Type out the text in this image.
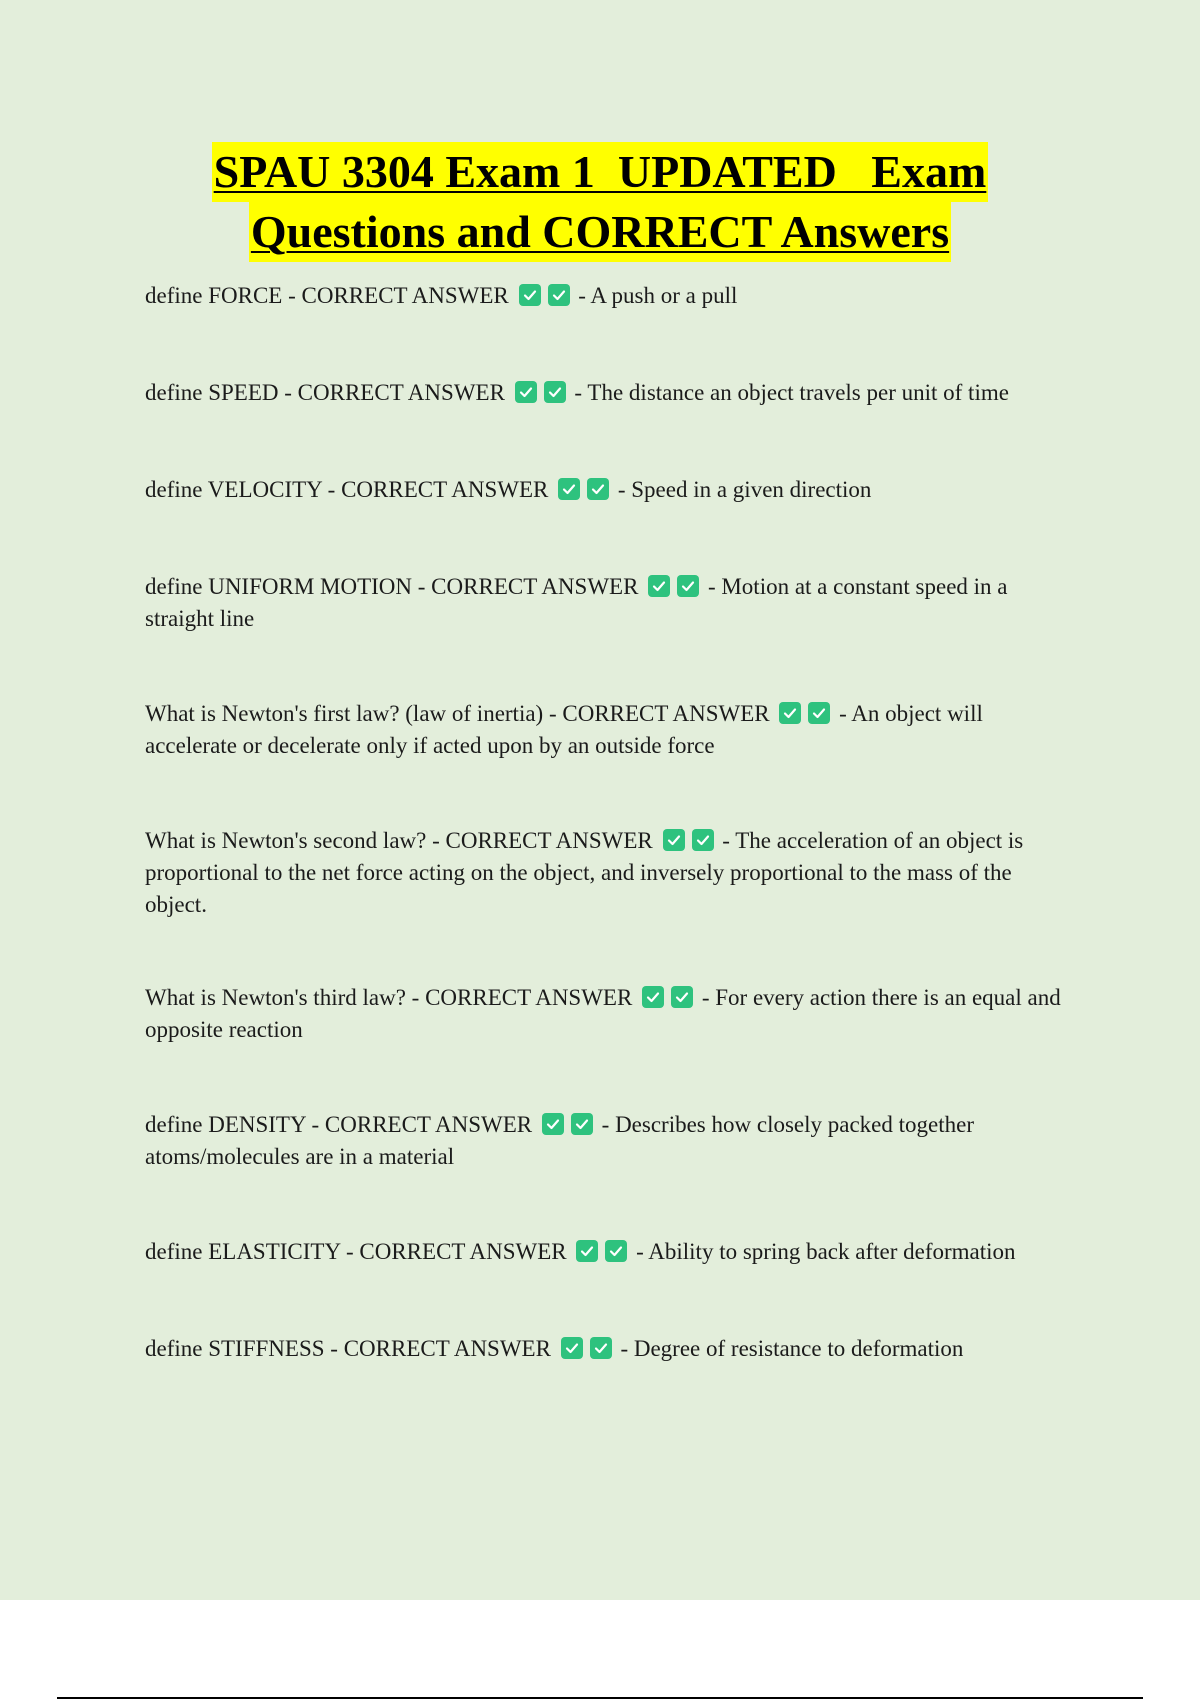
SPAU 3304 Exam 1  UPDATED   Exam
Questions and CORRECT Answers

define FORCE - CORRECT ANSWER	- A push or a pull

define SPEED - CORRECT ANSWER	- The distance an object travels per unit of time

define VELOCITY - CORRECT ANSWER	- Speed in a given direction

define UNIFORM MOTION - CORRECT ANSWER	- Motion at a constant speed in a straight line

What is Newton's first law? (law of inertia) - CORRECT ANSWER	- An object will accelerate or decelerate only if acted upon by an outside force

What is Newton's second law? - CORRECT ANSWER	- The acceleration of an object is proportional to the net force acting on the object, and inversely proportional to the mass of the object.

What is Newton's third law? - CORRECT ANSWER	- For every action there is an equal and opposite reaction

define DENSITY - CORRECT ANSWER	- Describes how closely packed together atoms/molecules are in a material

define ELASTICITY - CORRECT ANSWER	- Ability to spring back after deformation

define STIFFNESS - CORRECT ANSWER	- Degree of resistance to deformation
